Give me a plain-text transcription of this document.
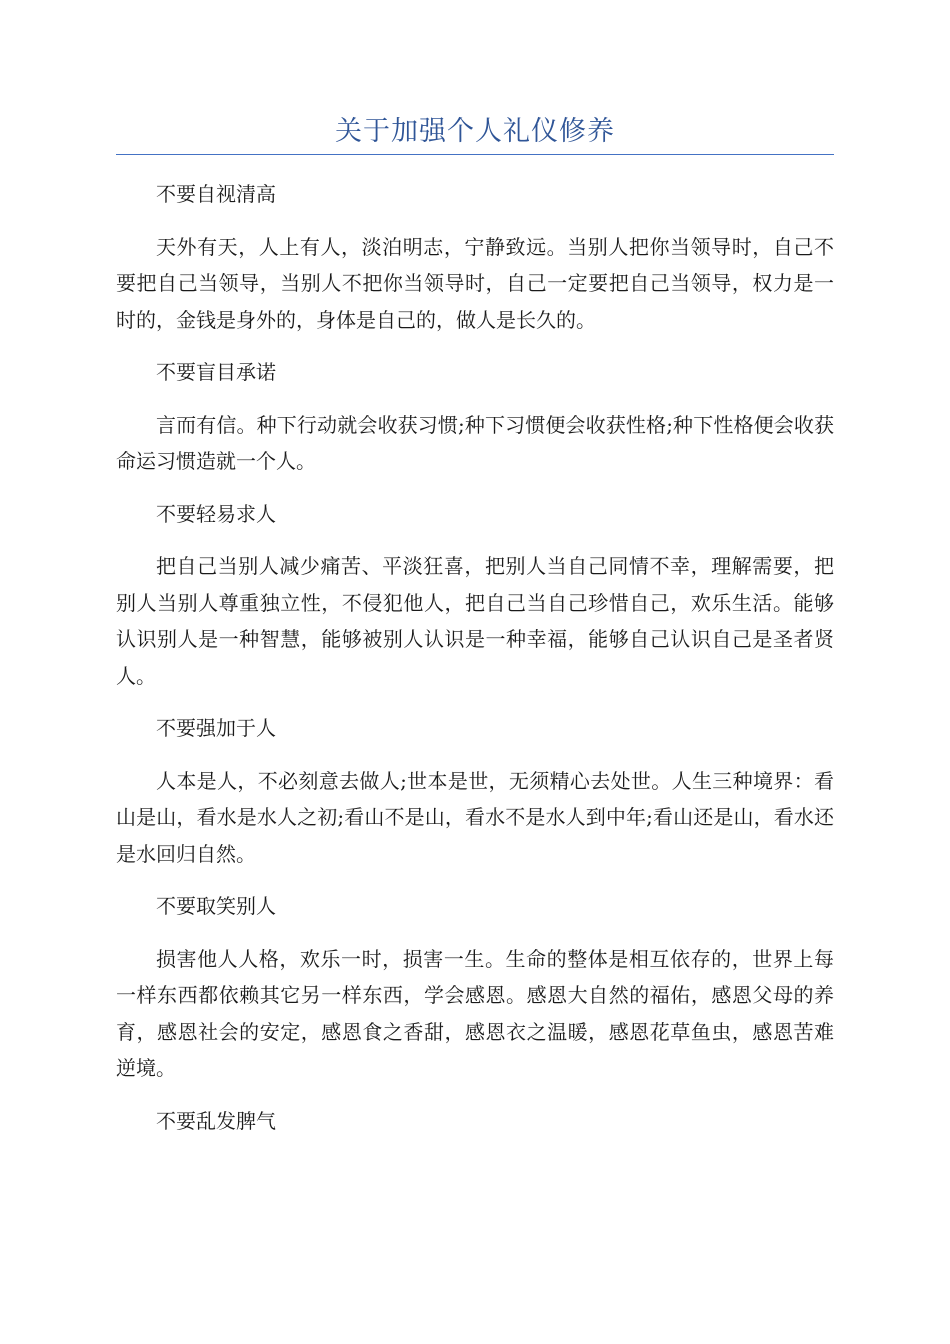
关于加强个人礼仪修养

不要自视清高

天外有天，人上有人，淡泊明志，宁静致远。当别人把你当领导时，自己不要把自己当领导，当别人不把你当领导时，自己一定要把自己当领导，权力是一时的，金钱是身外的，身体是自己的，做人是长久的。

不要盲目承诺

言而有信。种下行动就会收获习惯;种下习惯便会收获性格;种下性格便会收获命运习惯造就一个人。

不要轻易求人

把自己当别人减少痛苦、平淡狂喜，把别人当自己同情不幸，理解需要，把别人当别人尊重独立性，不侵犯他人，把自己当自己珍惜自己，欢乐生活。能够认识别人是一种智慧，能够被别人认识是一种幸福，能够自己认识自己是圣者贤人。

不要强加于人

人本是人，不必刻意去做人;世本是世，无须精心去处世。人生三种境界：看山是山，看水是水人之初;看山不是山，看水不是水人到中年;看山还是山，看水还是水回归自然。

不要取笑别人

损害他人人格，欢乐一时，损害一生。生命的整体是相互依存的，世界上每一样东西都依赖其它另一样东西，学会感恩。感恩大自然的福佑，感恩父母的养育，感恩社会的安定，感恩食之香甜，感恩衣之温暖，感恩花草鱼虫，感恩苦难逆境。

不要乱发脾气
